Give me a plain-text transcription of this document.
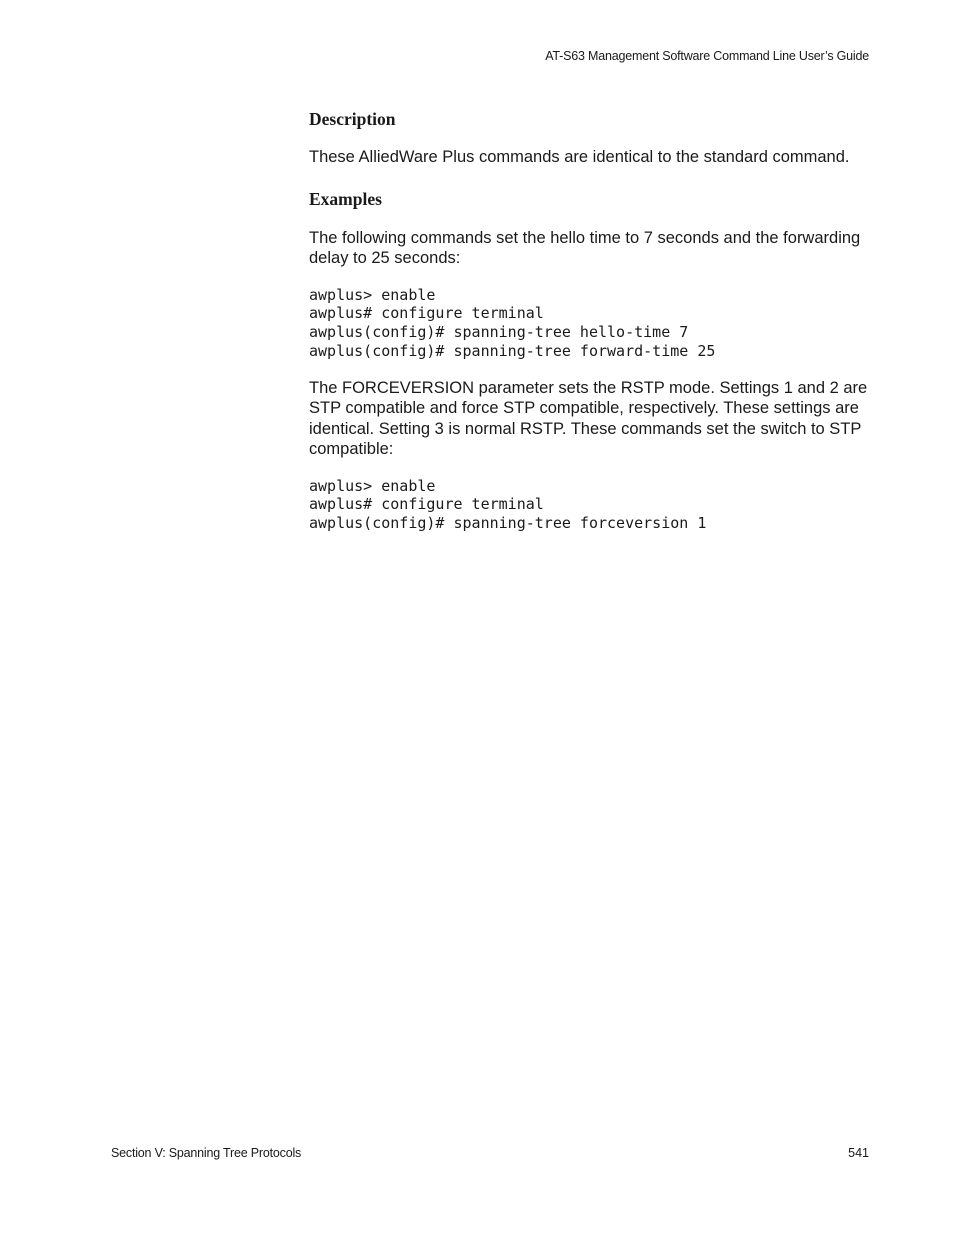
AT-S63 Management Software Command Line User’s Guide
Description

These AlliedWare Plus commands are identical to the standard command.

Examples

The following commands set the hello time to 7 seconds and the forwarding delay to 25 seconds:

awplus> enable
awplus# configure terminal
awplus(config)# spanning-tree hello-time 7
awplus(config)# spanning-tree forward-time 25

The FORCEVERSION parameter sets the RSTP mode. Settings 1 and 2 are STP compatible and force STP compatible, respectively. These settings are identical. Setting 3 is normal RSTP. These commands set the switch to STP compatible:

awplus> enable
awplus# configure terminal
awplus(config)# spanning-tree forceversion 1
Section V: Spanning Tree Protocols	541
